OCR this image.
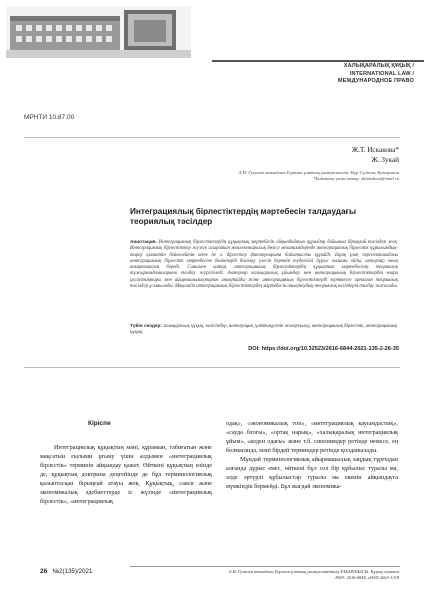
ХАЛЫҚАРАЛЫҚ ҚҰҚЫҚ /
INTERNATIONAL LAW /
МЕЖДУНАРОДНОЕ ПРАВО
МРНТИ 10.87.00
Ж.Т. Искакова*
Ж. Зукай
Л.Н. Гумилев атындағы Еуразия ұлттық университеті, Нұр-Сұлтан, Қазақстан
*Байланыс үшін автор: zhiskakova@mail.ru
Интеграциялық бірлестіктердің мәртебесін талдаудағы теориялық тәсілдер
Аннотация. Интеграциялық бірлестіктердің құқықтық мәртебесін айқындайтын құралдар бойынша бірыңғай тәсілдер жоқ. Интеграциялық бірлестіктер жүзеге асыратын мемлекетаралық бөлісу механизмдерінде интеграциялық бірлестік құрылымдық-тарау қызметін бейнелейтін кете пе ә. бірлестер факторларына байланысты құрайді. Бірақ ұзақ перспективадағы интеграциялық бірлестік мәртебесіне бөліктерді бағалау үлесін беретін түбегейлі дұрыс ғылыми ойды, авторлар оның анықтамасын береді. Сонымен қатар, интеграциялық бірлестіктердің құқықтық мәртебесінің теориялық тұжырымдамаларына талдау жүргізіледі. Авторлар халықаралық ұйымдар мен интеграциялық бірлестіктердің өзара ұқсастықтары мен айырмашылықтарын анықтайды және интеграциялық бірлестіктерді зерттеуге арналған теориялық тәсілдер ұсынылады. Мақалада интеграциялық бірлестіктердің мәртебесін анықтаудың теориялық негіздерін талдау жасалады.
Түйін сөздер: халықаралық құқық, келісімдер, интеграция, ұлттықүстін жоғарғылау, интеграциялық бірлестік, интеграциялық құқық.
DOI: https://doi.org/10.32523/2616-6844-2021-135-2-26-35
Кіріспе

Интеграциялық құқықтың мәні, құрамын, табиғатын және мақсатын ғылыми ұғыну үшін алдымен «интеграциялық бірлестік» терминін айқындау қажет. Өйткені құқықтың өзінде де, құқықтық доктрина деңгейінде де бұл терминологиялық қалыптасқан бірыңғай атауы жоқ. Құқықтық, саяси және экономикалық әдебиеттерде іс жүзінде «интеграциялық бірлестік», «интеграциялық

одақ», «экономикалық топ», «интеграциялық қауымдастық», «сауда блоғы», «ортақ нарық», «халықаралық интеграциялық ұйым», «кеден одағы» және т.б. синонимдер ретінде немесе, ең болмағанда, мәні бірдей терминдер ретінде қолданылады.

Мұндай терминологиялық айырмашылық заңдық тұрғыдан алғанда дұрыс емес, өйткені бұл сол бір құбылыс туралы ма, әлде әртүрлі құбылыстар туралы ма екенін айқындауға мүмкіндік бермейді. Бұл жағдай экономика-

26 №2(135)/2021	Л.Н. Гумилев атындағы Еуразия ұлттық университетінің ХАБАРШЫСЫ. Құқық сериясы
ISSN: 2616-6844, eISSN:2663-1318
